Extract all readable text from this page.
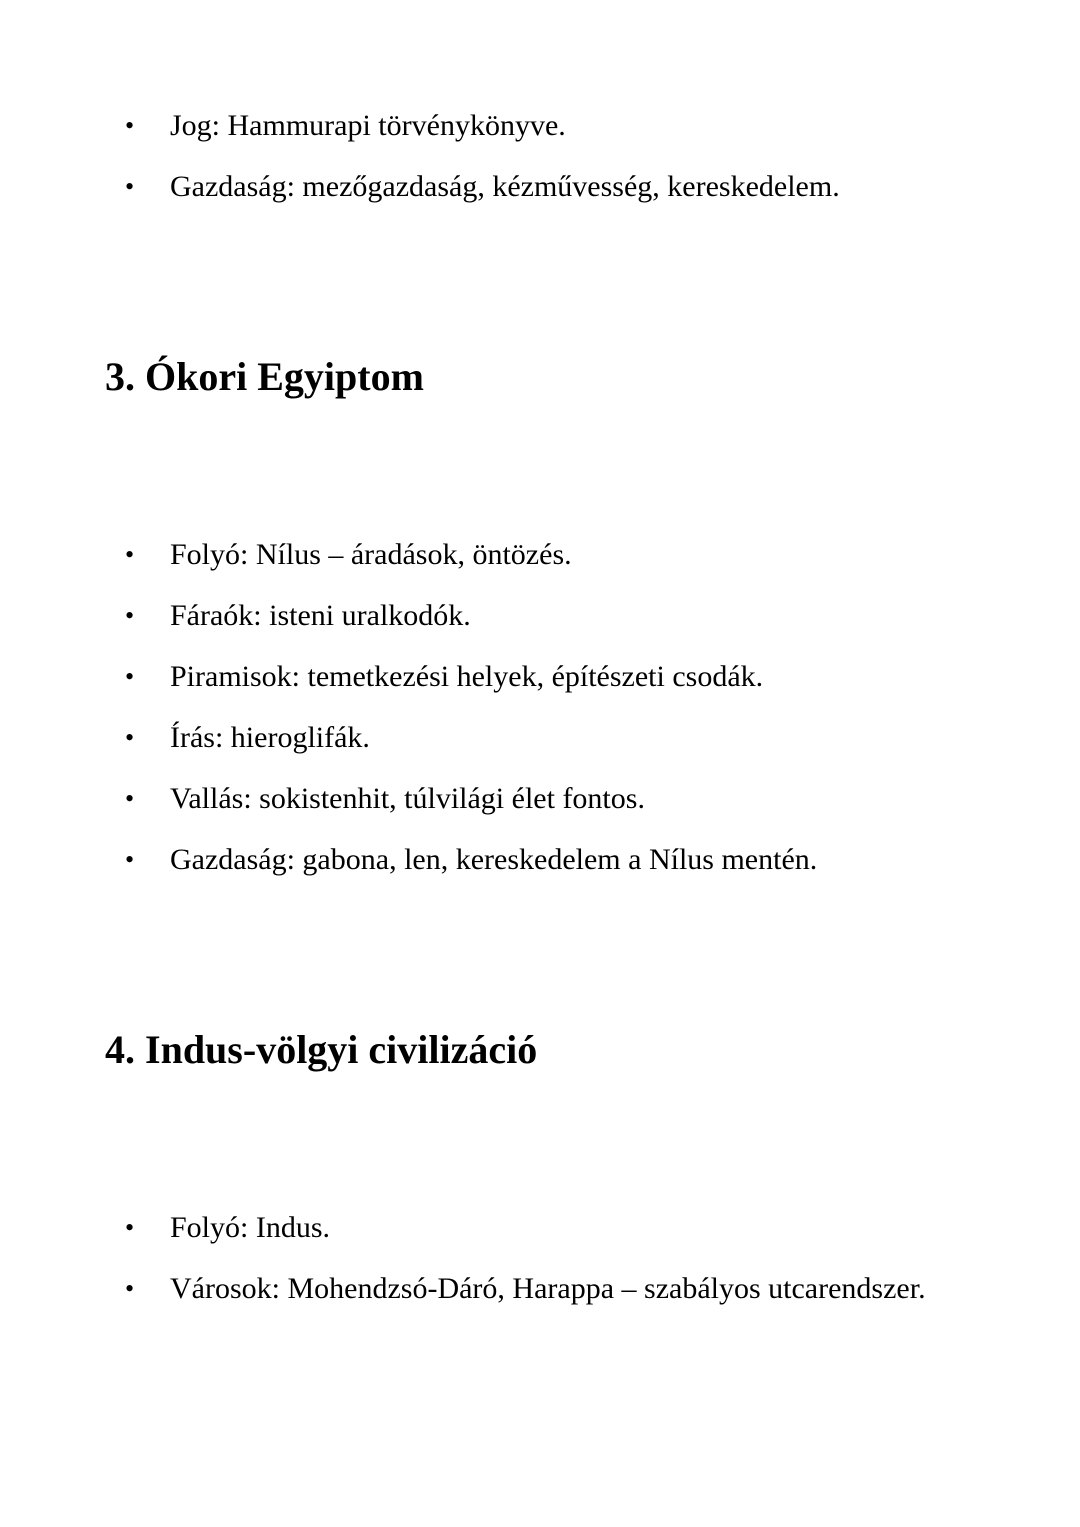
• Jog: Hammurapi törvénykönyve.
• Gazdaság: mezőgazdaság, kézművesség, kereskedelem.
3. Ókori Egyiptom
• Folyó: Nílus – áradások, öntözés.
• Fáraók: isteni uralkodók.
• Piramisok: temetkezési helyek, építészeti csodák.
• Írás: hieroglifák.
• Vallás: sokistenhit, túlvilági élet fontos.
• Gazdaság: gabona, len, kereskedelem a Nílus mentén.
4. Indus-völgyi civilizáció
• Folyó: Indus.
• Városok: Mohendzsó-Dáró, Harappa – szabályos utcarendszer.
